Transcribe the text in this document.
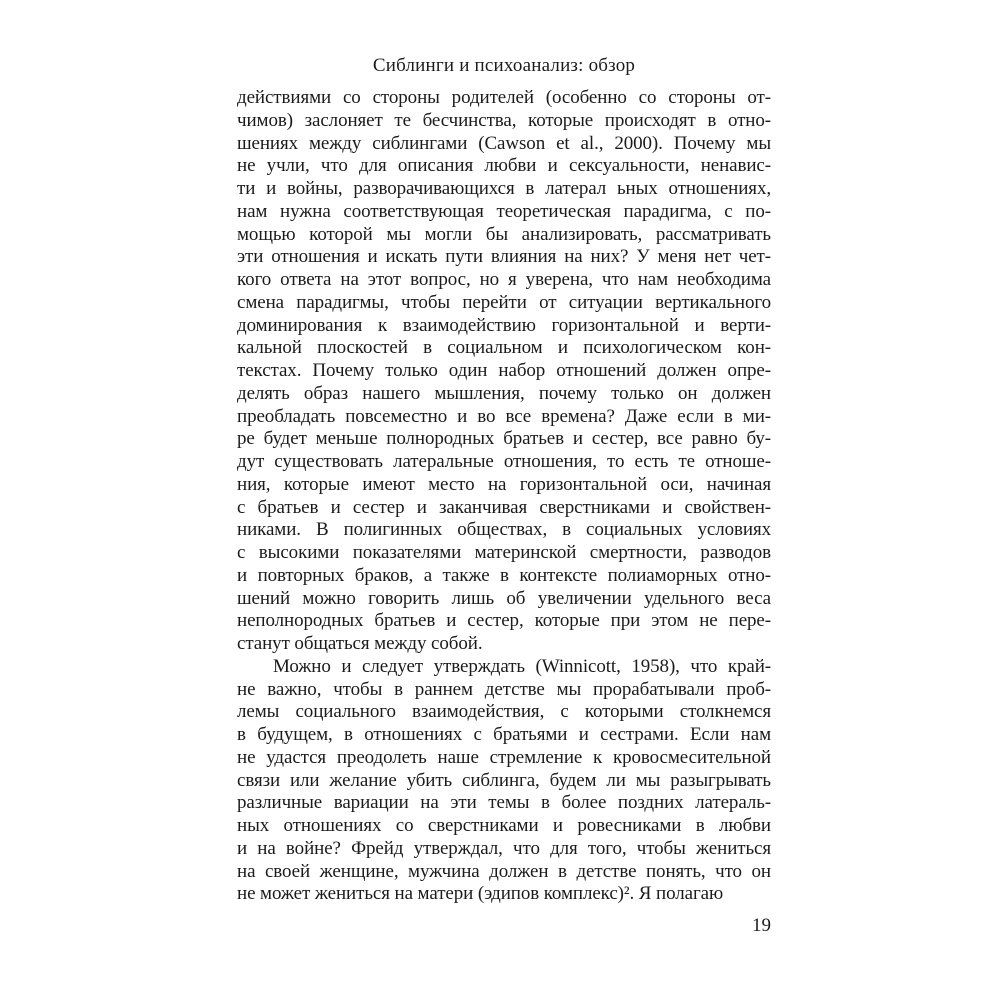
Сиблинги и психоанализ: обзор
действиями со стороны родителей (особенно со стороны от-
чимов) заслоняет те бесчинства, которые происходят в отно-
шениях между сиблингами (Cawson et al., 2000). Почему мы
не учли, что для описания любви и сексуальности, ненавис-
ти и войны, разворачивающихся в латерал ьных отношениях,
нам нужна соответствующая теоретическая парадигма, с по-
мощью которой мы могли бы анализировать, рассматривать
эти отношения и искать пути влияния на них? У меня нет чет-
кого ответа на этот вопрос, но я уверена, что нам необходима
смена парадигмы, чтобы перейти от ситуации вертикального
доминирования к взаимодействию горизонтальной и верти-
кальной плоскостей в социальном и психологическом кон-
текстах. Почему только один набор отношений должен опре-
делять образ нашего мышления, почему только он должен
преобладать повсеместно и во все времена? Даже если в ми-
ре будет меньше полнородных братьев и сестер, все равно бу-
дут существовать латеральные отношения, то есть те отноше-
ния, которые имеют место на горизонтальной оси, начиная
с братьев и сестер и заканчивая сверстниками и свойствен-
никами. В полигинных обществах, в социальных условиях
с высокими показателями материнской смертности, разводов
и повторных браков, а также в контексте полиаморных отно-
шений можно говорить лишь об увеличении удельного веса
неполнородных братьев и сестер, которые при этом не пере-
станут общаться между собой.
Можно и следует утверждать (Winnicott, 1958), что край-
не важно, чтобы в раннем детстве мы прорабатывали проб-
лемы социального взаимодействия, с которыми столкнемся
в будущем, в отношениях с братьями и сестрами. Если нам
не удастся преодолеть наше стремление к кровосмесительной
связи или желание убить сиблинга, будем ли мы разыгрывать
различные вариации на эти темы в более поздних латераль-
ных отношениях со сверстниками и ровесниками в любви
и на войне? Фрейд утверждал, что для того, чтобы жениться
на своей женщине, мужчина должен в детстве понять, что он
не может жениться на матери (эдипов комплекс)². Я полагаю
19
